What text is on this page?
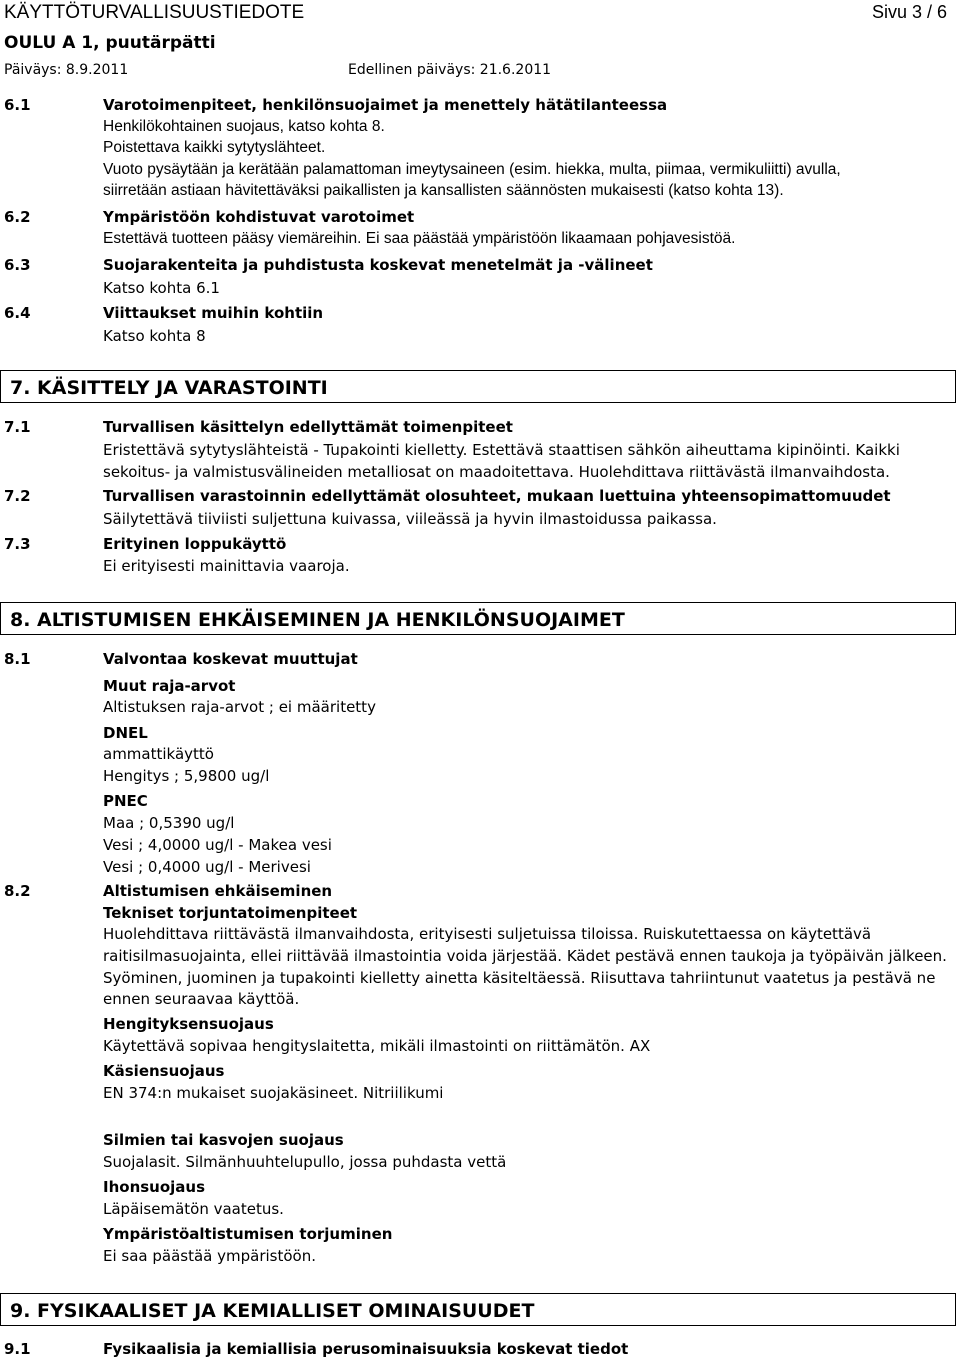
KÄYTTÖTURVALLISUUSTIEDOTE	Sivu 3 / 6
OULU A 1, puutärpätti
Päiväys: 8.9.2011	Edellinen päiväys: 21.6.2011
6.1	Varotoimenpiteet, henkilönsuojaimet ja menettely hätätilanteessa
Henkilökohtainen suojaus, katso kohta 8.
Poistettava kaikki sytytyslähteet.
Vuoto pysäytään ja kerätään palamattoman imeytysaineen (esim. hiekka, multa, piimaa, vermikuliitti) avulla,
siirretään astiaan hävitettäväksi paikallisten ja kansallisten säännösten mukaisesti (katso kohta 13).
6.2	Ympäristöön kohdistuvat varotoimet
Estettävä tuotteen pääsy viemäreihin. Ei saa päästää ympäristöön likaamaan pohjavesistöä.
6.3	Suojarakenteita ja puhdistusta koskevat menetelmät ja -välineet
Katso kohta 6.1
6.4	Viittaukset muihin kohtiin
Katso kohta 8
7. KÄSITTELY JA VARASTOINTI
7.1	Turvallisen käsittelyn edellyttämät toimenpiteet
Eristettävä sytytyslähteistä - Tupakointi kielletty. Estettävä staattisen sähkön aiheuttama kipinöinti. Kaikki
sekoitus- ja valmistusvälineiden metalliosat on maadoitettava. Huolehdittava riittävästä ilmanvaihdosta.
7.2	Turvallisen varastoinnin edellyttämät olosuhteet, mukaan luettuina yhteensopimattomuudet
Säilytettävä tiiviisti suljettuna kuivassa, viileässä ja hyvin ilmastoidussa paikassa.
7.3	Erityinen loppukäyttö
Ei erityisesti mainittavia vaaroja.
8. ALTISTUMISEN EHKÄISEMINEN JA HENKILÖNSUOJAIMET
8.1	Valvontaa koskevat muuttujat
Muut raja-arvot
Altistuksen raja-arvot ; ei määritetty
DNEL
ammattikäyttö
Hengitys ; 5,9800 ug/l
PNEC
Maa ; 0,5390 ug/l
Vesi ; 4,0000 ug/l - Makea vesi
Vesi ; 0,4000 ug/l - Merivesi
8.2	Altistumisen ehkäiseminen
Tekniset torjuntatoimenpiteet
Huolehdittava riittävästä ilmanvaihdosta, erityisesti suljetuissa tiloissa. Ruiskutettaessa on käytettävä
raitisilmasuojainta, ellei riittävää ilmastointia voida järjestää. Kädet pestävä ennen taukoja ja työpäivän jälkeen.
Syöminen, juominen ja tupakointi kielletty ainetta käsiteltäessä. Riisuttava tahriintunut vaatetus ja pestävä ne
ennen seuraavaa käyttöä.
Hengityksensuojaus
Käytettävä sopivaa hengityslaitetta, mikäli ilmastointi on riittämätön. AX
Käsiensuojaus
EN 374:n mukaiset suojakäsineet. Nitriilikumi
Silmien tai kasvojen suojaus
Suojalasit. Silmänhuuhtelupullo, jossa puhdasta vettä
Ihonsuojaus
Läpäisemätön vaatetus.
Ympäristöaltistumisen torjuminen
Ei saa päästää ympäristöön.
9. FYSIKAALISET JA KEMIALLISET OMINAISUUDET
9.1	Fysikaalisia ja kemiallisia perusominaisuuksia koskevat tiedot
